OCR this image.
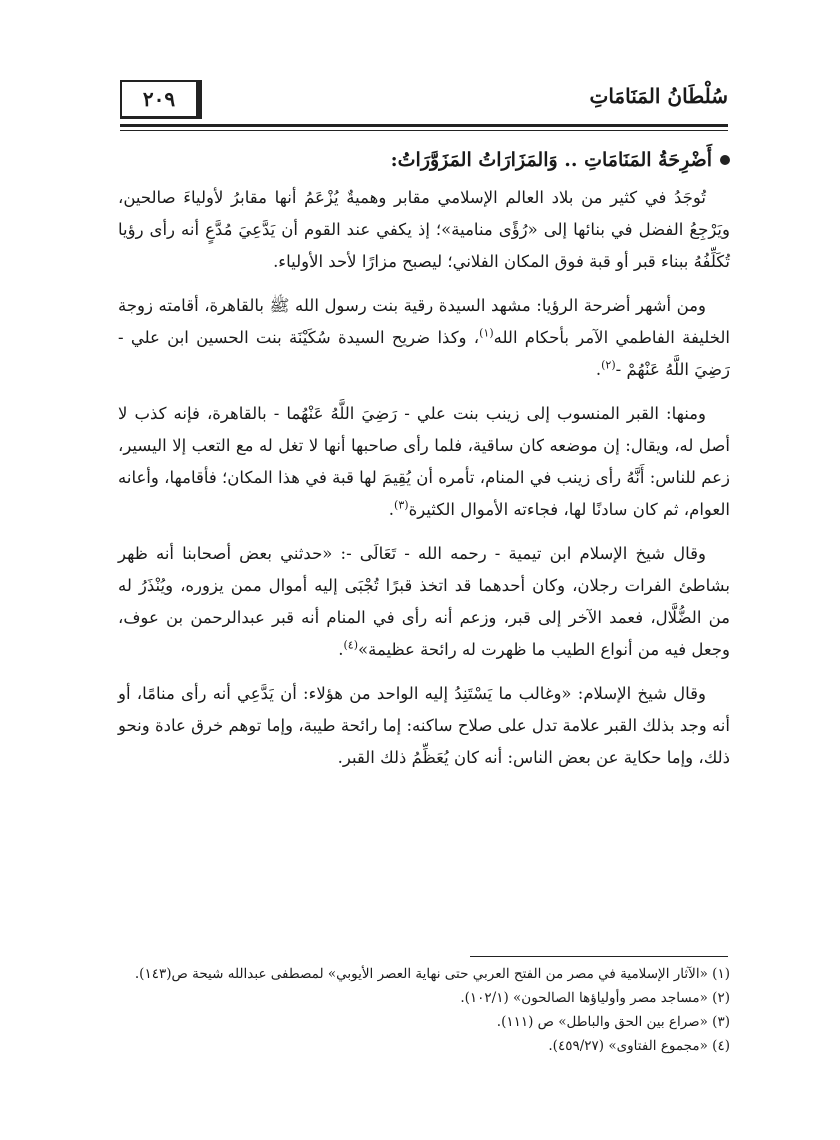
سُلْطَانُ المَنَامَاتِ
٢٠٩
أَضْرِحَةُ المَنَامَاتِ .. وَالمَزَارَاتُ المَزَوَّرَاتُ:

تُوجَدُ في كثير من بلاد العالم الإسلامي مقابر وهميةٌ يُزْعَمُ أنها مقابرُ لأولياءَ صالحين، ويَرْجِعُ الفضل في بنائها إلى «رُؤًى منامية»؛ إذ يكفي عند القوم أن يَدَّعِيَ مُدَّعٍ أنه رأى رؤيا تُكَلِّفُهُ ببناء قبر أو قبة فوق المكان الفلاني؛ ليصبح مزارًا لأحد الأولياء.

ومن أشهر أضرحة الرؤيا: مشهد السيدة رقية بنت رسول الله ﷺ بالقاهرة، أقامته زوجة الخليفة الفاطمي الآمر بأحكام الله$^{(١)}$، وكذا ضريح السيدة سُكَيْنَة بنت الحسين ابن علي - رَضِيَ اللَّهُ عَنْهُمْ -$^{(٢)}$.

ومنها: القبر المنسوب إلى زينب بنت علي - رَضِيَ اللَّهُ عَنْهُما - بالقاهرة، فإنه كذب لا أصل له، ويقال: إن موضعه كان ساقية، فلما رأى صاحبها أنها لا تغل له مع التعب إلا اليسير، زعم للناس: أَنَّهُ رأى زينب في المنام، تأمره أن يُقِيمَ لها قبة في هذا المكان؛ فأقامها، وأعانه العوام، ثم كان سادنًا لها، فجاءته الأموال الكثيرة$^{(٣)}$.

وقال شيخ الإسلام ابن تيمية - رحمه الله - تَعَالَى -: «حدثني بعض أصحابنا أنه ظهر بشاطئ الفرات رجلان، وكان أحدهما قد اتخذ قبرًا تُجْبَى إليه أموال ممن يزوره، ويُنْذَرُ له من الضُّلَّال، فعمد الآخر إلى قبر، وزعم أنه رأى في المنام أنه قبر عبدالرحمن بن عوف، وجعل فيه من أنواع الطيب ما ظهرت له رائحة عظيمة»$^{(٤)}$.

وقال شيخ الإسلام: «وغالب ما يَسْتَنِدُ إليه الواحد من هؤلاء: أن يَدَّعِي أنه رأى منامًا، أو أنه وجد بذلك القبر علامة تدل على صلاح ساكنه: إما رائحة طيبة، وإما توهم خرق عادة ونحو ذلك، وإما حكاية عن بعض الناس: أنه كان يُعَظِّمُ ذلك القبر.

(١) «الآثار الإسلامية في مصر من الفتح العربي حتى نهاية العصر الأيوبي» لمصطفى عبدالله شيحة ص(١٤٣).

(٢) «مساجد مصر وأولياؤها الصالحون» (١٠٢/١).

(٣) «صراع بين الحق والباطل» ص (١١١).

(٤) «مجموع الفتاوى» (٤٥٩/٢٧).
